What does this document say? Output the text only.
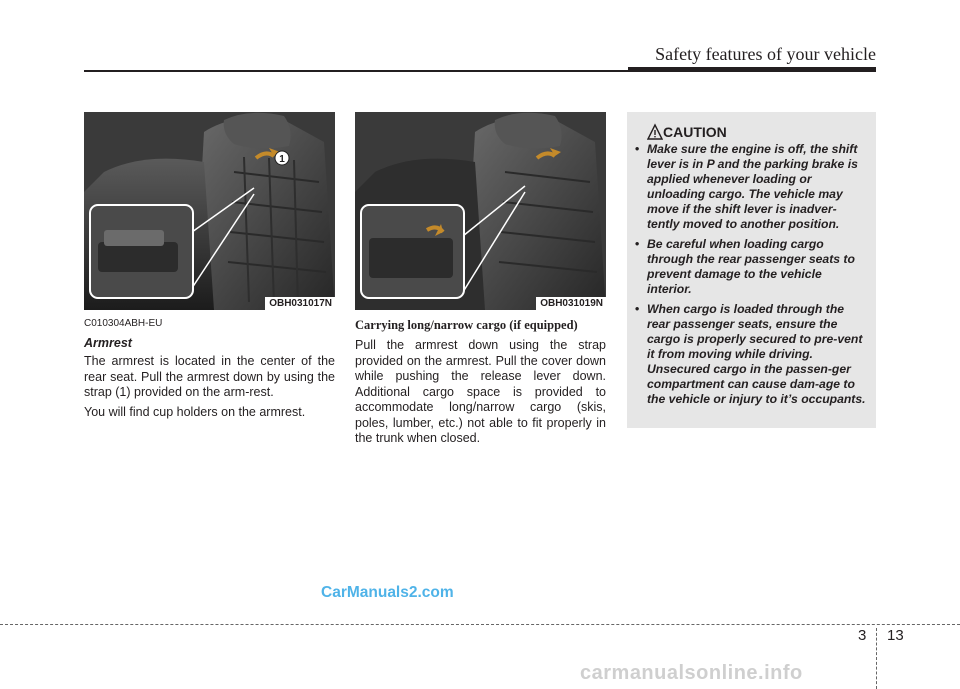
Safety features of your vehicle
1
OBH031017N	OBH031019N
C010304ABH-EU
Armrest

The armrest is located in the center of the rear seat. Pull the armrest down by using the strap (1) provided on the arm-rest.

You will find cup holders on the armrest.

Carrying long/narrow cargo (if equipped)

Pull the armrest down using the strap provided on the armrest. Pull the cover down while pushing the release lever down. Additional cargo space is provided to accommodate long/narrow cargo (skis, poles, lumber, etc.) not able to fit properly in the trunk when closed.

CAUTION
• Make sure the engine is off, the shift lever is in P and the parking brake is applied whenever loading or unloading cargo. The vehicle may move if the shift lever is inadver-tently moved to another position.
• Be careful when loading cargo through the rear passenger seats to prevent damage to the vehicle interior.
• When cargo is loaded through the rear passenger seats, ensure the cargo is properly secured to pre-vent it from moving while driving. Unsecured cargo in the passen-ger compartment can cause dam-age to the vehicle or injury to it’s occupants.
CarManuals2.com
3 13
carmanualsonline.info
